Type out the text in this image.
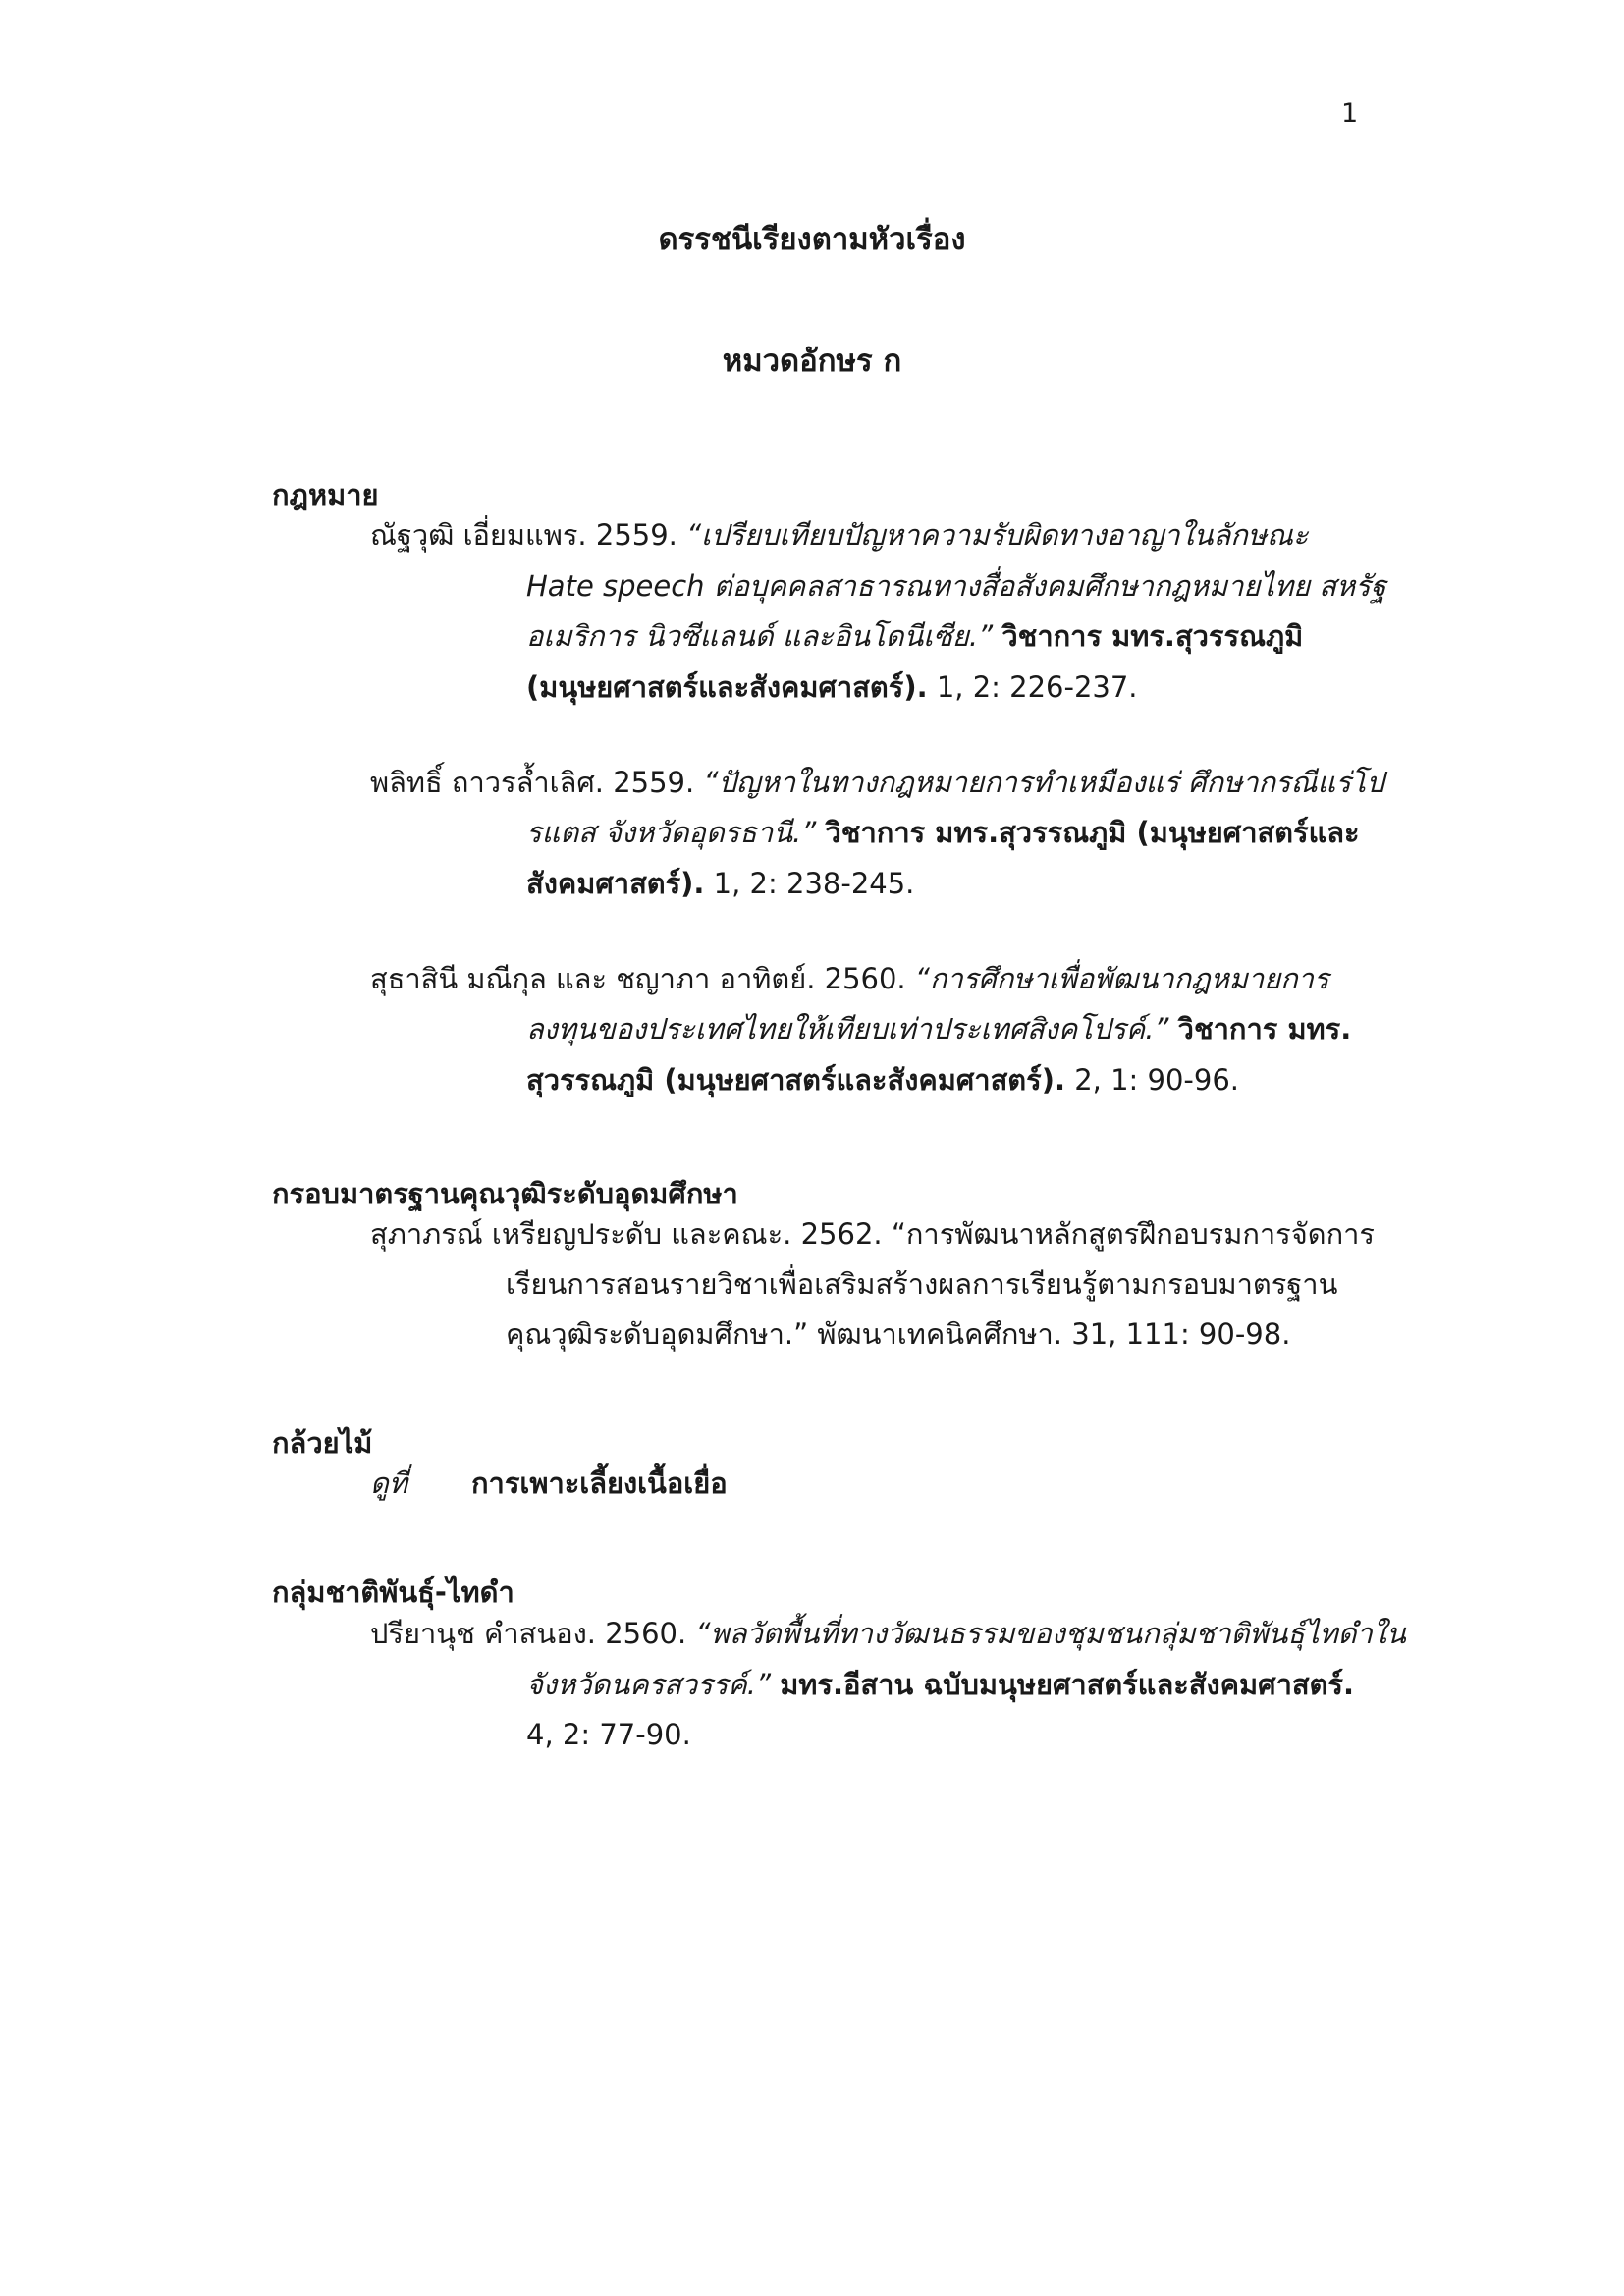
1
ดรรชนีเรียงตามหัวเรื่อง
หมวดอักษร ก
กฎหมาย
ณัฐวุฒิ เอี่ยมแพร. 2559. “เปรียบเทียบปัญหาความรับผิดทางอาญาในลักษณะ
Hate speech ต่อบุคคลสาธารณทางสื่อสังคมศึกษากฎหมายไทย สหรัฐ
อเมริการ นิวซีแลนด์ และอินโดนีเซีย.” วิชาการ มทร.สุวรรณภูมิ
(มนุษยศาสตร์และสังคมศาสตร์). 1, 2: 226-237.
พลิทธิ์ ถาวรล้ำเลิศ. 2559. “ปัญหาในทางกฎหมายการทำเหมืองแร่ ศึกษากรณีแร่โป
รแตส จังหวัดอุดรธานี.” วิชาการ มทร.สุวรรณภูมิ (มนุษยศาสตร์และ
สังคมศาสตร์). 1, 2: 238-245.
สุธาสินี มณีกุล และ ชญาภา อาทิตย์. 2560. “การศึกษาเพื่อพัฒนากฎหมายการ
ลงทุนของประเทศไทยให้เทียบเท่าประเทศสิงคโปรค์.” วิชาการ มทร.
สุวรรณภูมิ (มนุษยศาสตร์และสังคมศาสตร์). 2, 1: 90-96.
กรอบมาตรฐานคุณวุฒิระดับอุดมศึกษา
สุภาภรณ์ เหรียญประดับ และคณะ. 2562. “การพัฒนาหลักสูตรฝึกอบรมการจัดการ
เรียนการสอนรายวิชาเพื่อเสริมสร้างผลการเรียนรู้ตามกรอบมาตรฐาน
คุณวุฒิระดับอุดมศึกษา.” พัฒนาเทคนิคศึกษา. 31, 111: 90-98.
กล้วยไม้
ดูที่ การเพาะเลี้ยงเนื้อเยื่อ
กลุ่มชาติพันธุ์-ไทดำ
ปรียานุช คำสนอง. 2560. “พลวัตพื้นที่ทางวัฒนธรรมของชุมชนกลุ่มชาติพันธุ์ไทดำใน
จังหวัดนครสวรรค์.” มทร.อีสาน ฉบับมนุษยศาสตร์และสังคมศาสตร์.
4, 2: 77-90.
